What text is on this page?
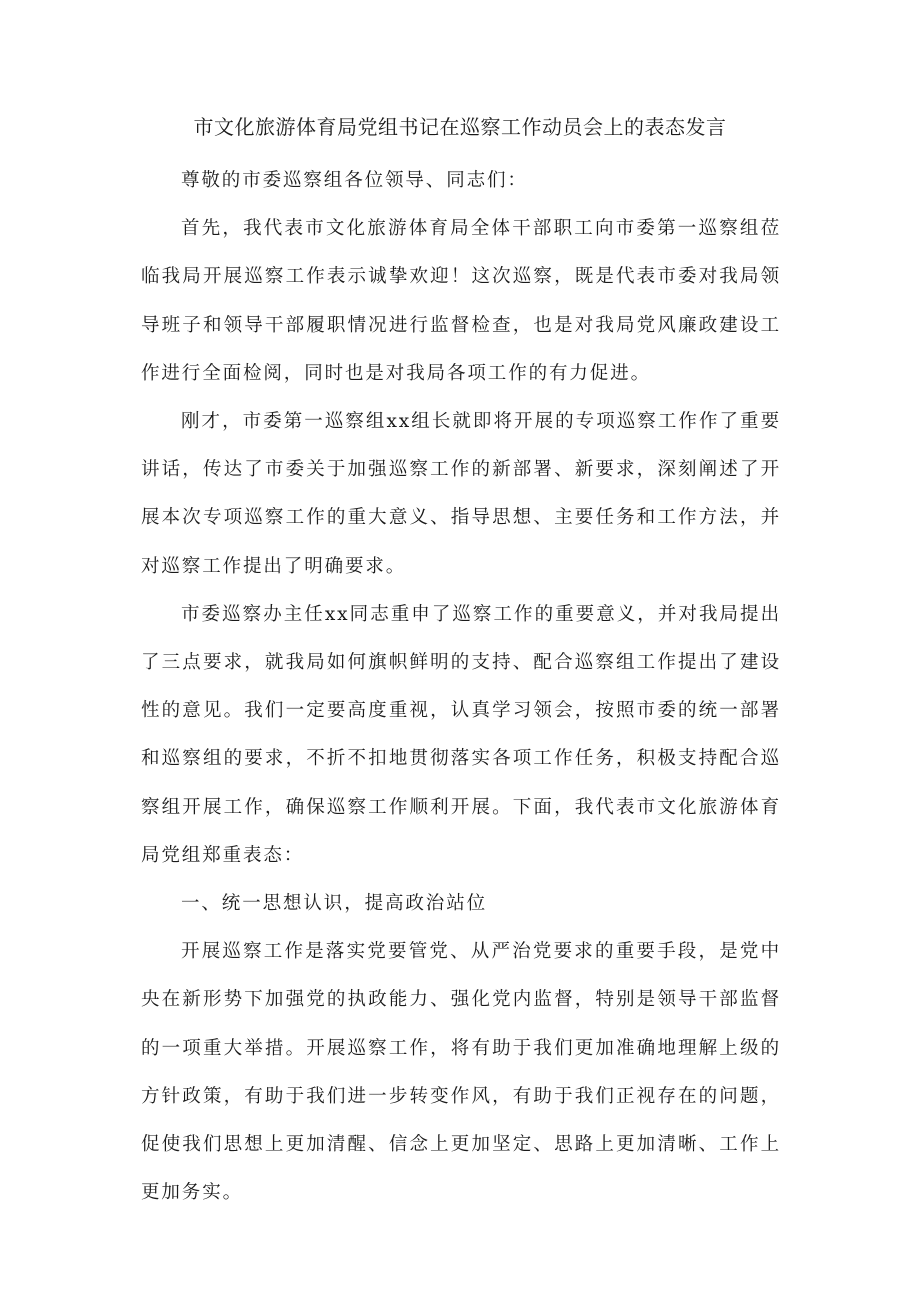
市文化旅游体育局党组书记在巡察工作动员会上的表态发言

尊敬的市委巡察组各位领导、同志们：

首先，我代表市文化旅游体育局全体干部职工向市委第一巡察组莅临我局开展巡察工作表示诚挚欢迎！这次巡察，既是代表市委对我局领导班子和领导干部履职情况进行监督检查，也是对我局党风廉政建设工作进行全面检阅，同时也是对我局各项工作的有力促进。

刚才，市委第一巡察组xx组长就即将开展的专项巡察工作作了重要讲话，传达了市委关于加强巡察工作的新部署、新要求，深刻阐述了开展本次专项巡察工作的重大意义、指导思想、主要任务和工作方法，并对巡察工作提出了明确要求。

市委巡察办主任xx同志重申了巡察工作的重要意义，并对我局提出了三点要求，就我局如何旗帜鲜明的支持、配合巡察组工作提出了建设性的意见。我们一定要高度重视，认真学习领会，按照市委的统一部署和巡察组的要求，不折不扣地贯彻落实各项工作任务，积极支持配合巡察组开展工作，确保巡察工作顺利开展。下面，我代表市文化旅游体育局党组郑重表态：

一、统一思想认识，提高政治站位

开展巡察工作是落实党要管党、从严治党要求的重要手段，是党中央在新形势下加强党的执政能力、强化党内监督，特别是领导干部监督的一项重大举措。开展巡察工作，将有助于我们更加准确地理解上级的方针政策，有助于我们进一步转变作风，有助于我们正视存在的问题，促使我们思想上更加清醒、信念上更加坚定、思路上更加清晰、工作上更加务实。
